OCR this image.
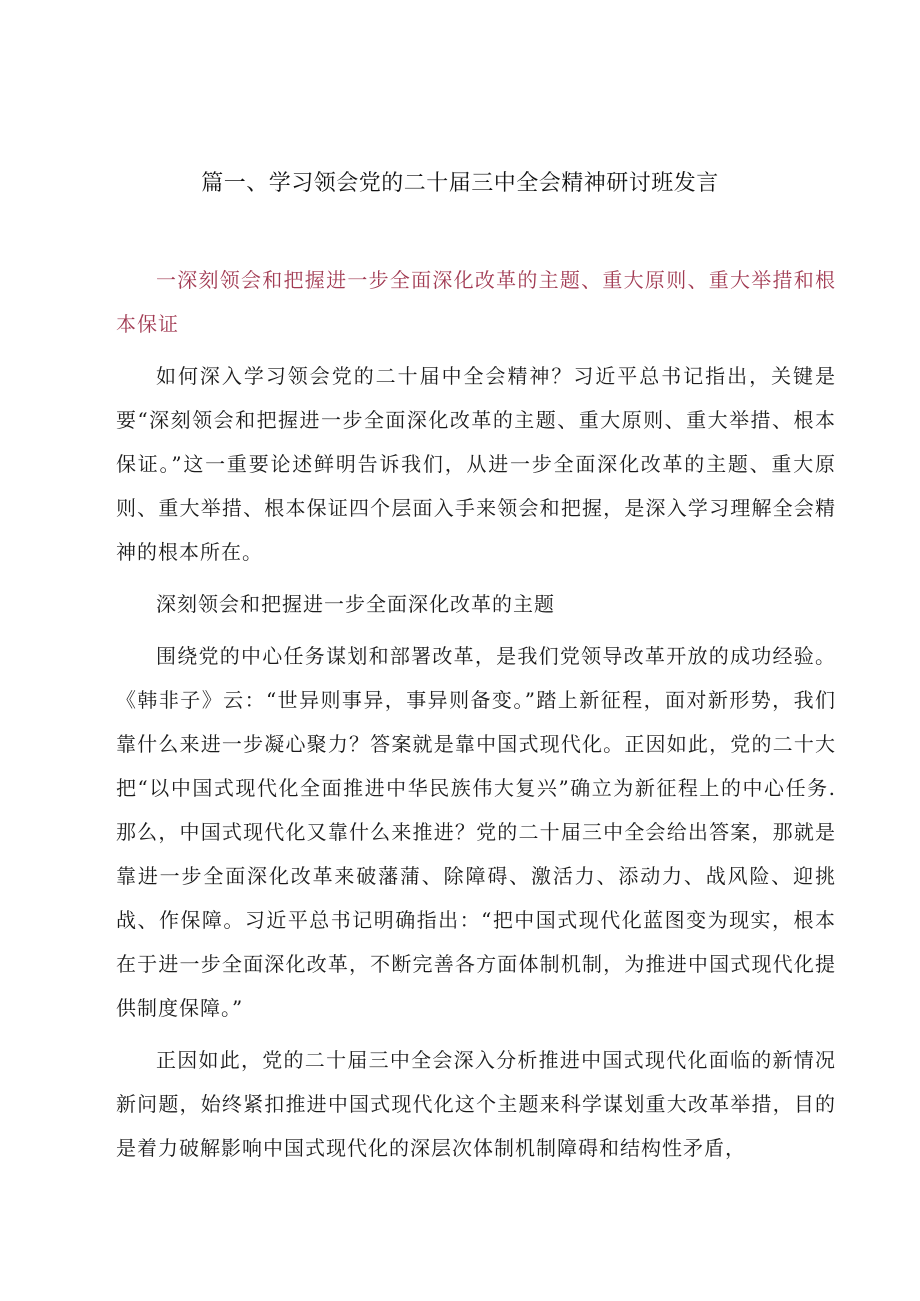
篇一、学习领会党的二十届三中全会精神研讨班发言

一深刻领会和把握进一步全面深化改革的主题、重大原则、重大举措和根本保证

如何深入学习领会党的二十届中全会精神？习近平总书记指出，关键是要“深刻领会和把握进一步全面深化改革的主题、重大原则、重大举措、根本保证。”这一重要论述鲜明告诉我们，从进一步全面深化改革的主题、重大原则、重大举措、根本保证四个层面入手来领会和把握，是深入学习理解全会精神的根本所在。

深刻领会和把握进一步全面深化改革的主题

围绕党的中心任务谋划和部署改革，是我们党领导改革开放的成功经验。《韩非子》云：“世异则事异，事异则备变。”踏上新征程，面对新形势，我们靠什么来进一步凝心聚力？答案就是靠中国式现代化。正因如此，党的二十大把“以中国式现代化全面推进中华民族伟大复兴”确立为新征程上的中心任务.那么，中国式现代化又靠什么来推进？党的二十届三中全会给出答案，那就是靠进一步全面深化改革来破藩蒲、除障碍、激活力、添动力、战风险、迎挑战、作保障。习近平总书记明确指出：“把中国式现代化蓝图变为现实，根本在于进一步全面深化改革，不断完善各方面体制机制，为推进中国式现代化提供制度保障。”

正因如此，党的二十届三中全会深入分析推进中国式现代化面临的新情况新问题，始终紧扣推进中国式现代化这个主题来科学谋划重大改革举措，目的是着力破解影响中国式现代化的深层次体制机制障碍和结构性矛盾，
